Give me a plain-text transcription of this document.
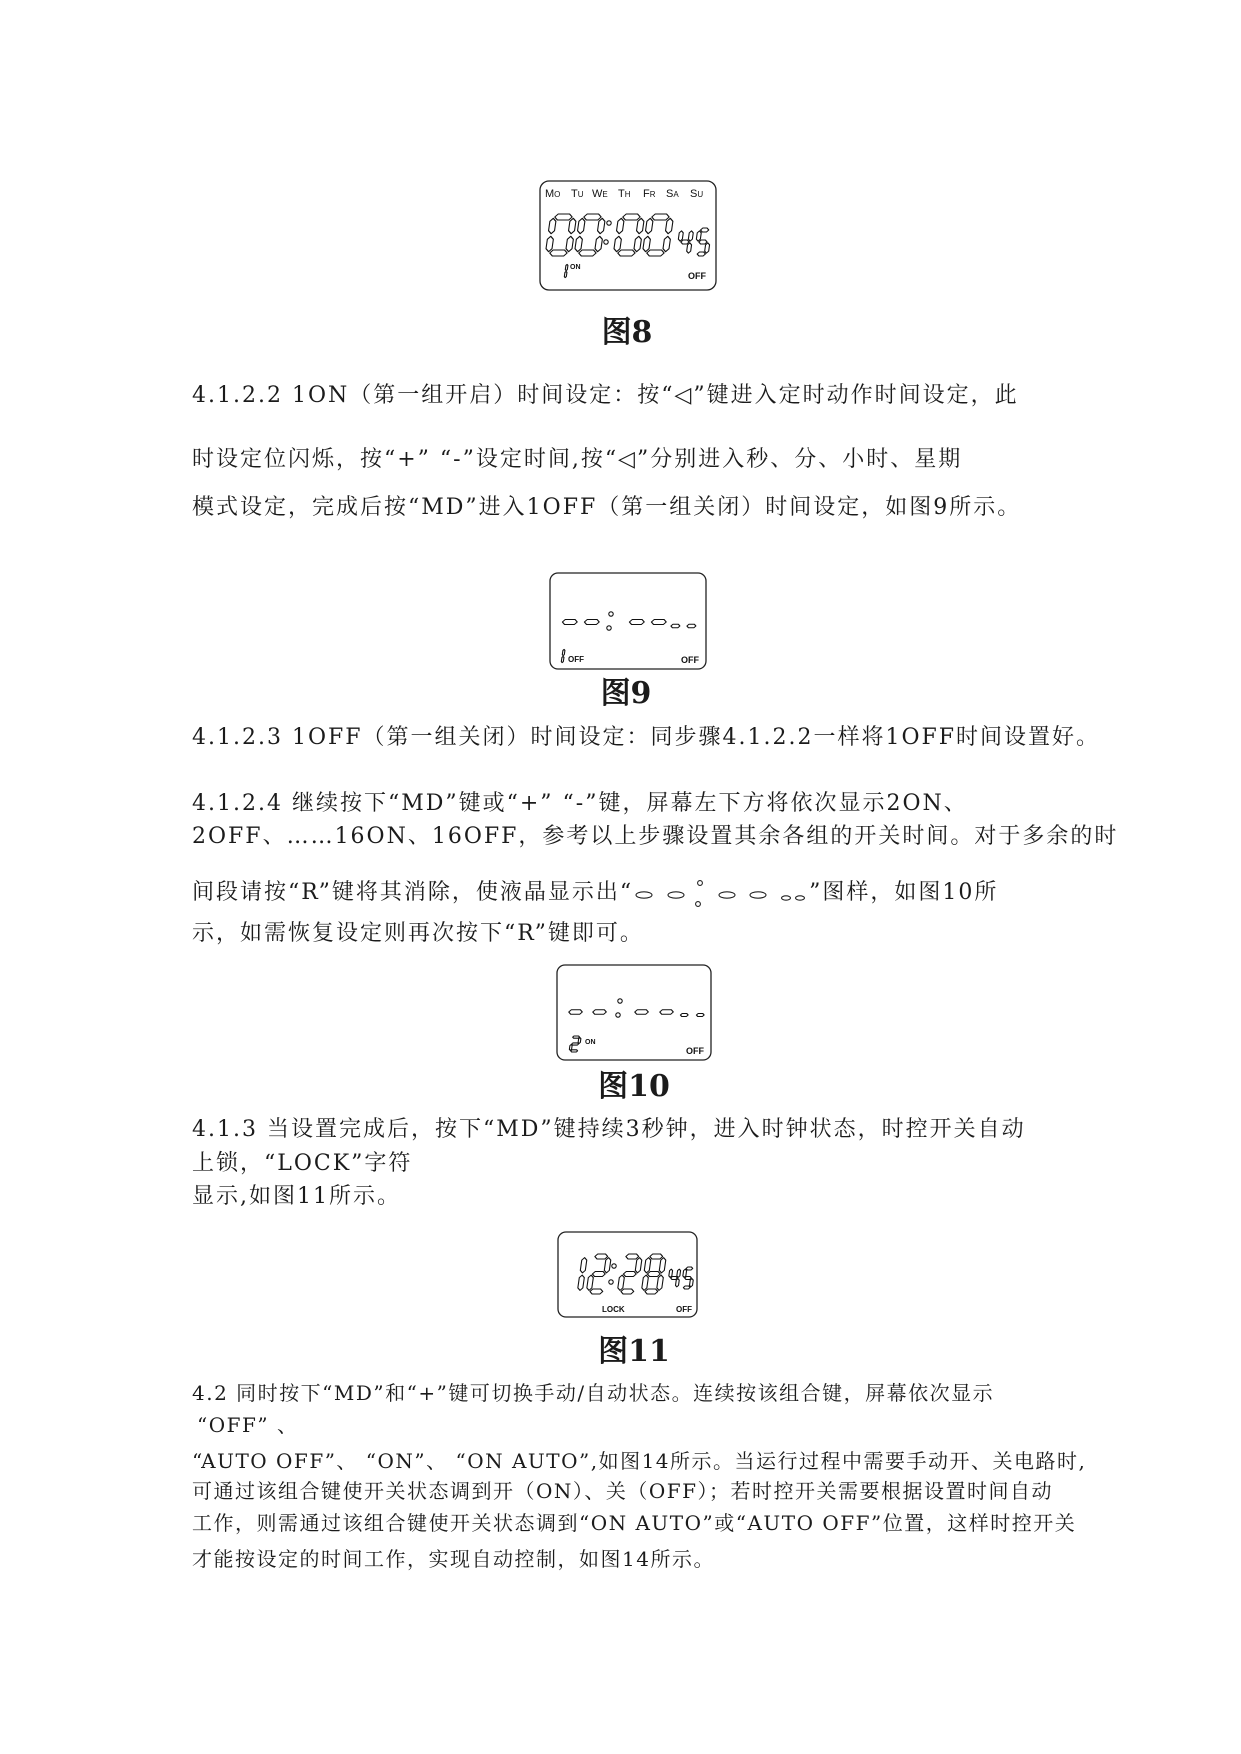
Mo Tu We Th Fr Sa Su
ON
OFF
图8
4.1.2.2 1ON（第一组开启）时间设定：按“◁”键进入定时动作时间设定，此
时设定位闪烁，按“+” “-”设定时间,按“◁”分别进入秒、分、小时、星期
模式设定，完成后按“MD”进入1OFF（第一组关闭）时间设定，如图9所示。
OFF	OFF
图9
4.1.2.3 1OFF（第一组关闭）时间设定：同步骤4.1.2.2一样将1OFF时间设置好。
4.1.2.4 继续按下“MD”键或“+” “-”键，屏幕左下方将依次显示2ON、
2OFF、……16ON、16OFF，参考以上步骤设置其余各组的开关时间。对于多余的时
间段请按“R”键将其消除，使液晶显示出“	”图样，如图10所
示，如需恢复设定则再次按下“R”键即可。
ON
OFF
图10
4.1.3 当设置完成后，按下“MD”键持续3秒钟，进入时钟状态，时控开关自动
上锁，“LOCK”字符
显示,如图11所示。
LOCK	OFF
图11
4.2 同时按下“MD”和“+”键可切换手动/自动状态。连续按该组合键，屏幕依次显示
“OFF” 、
“AUTO OFF”、 “ON”、 “ON AUTO”,如图14所示。当运行过程中需要手动开、关电路时,
可通过该组合键使开关状态调到开（ON）、关（OFF）；若时控开关需要根据设置时间自动
工作，则需通过该组合键使开关状态调到“ON AUTO”或“AUTO OFF”位置，这样时控开关
才能按设定的时间工作，实现自动控制，如图14所示。
